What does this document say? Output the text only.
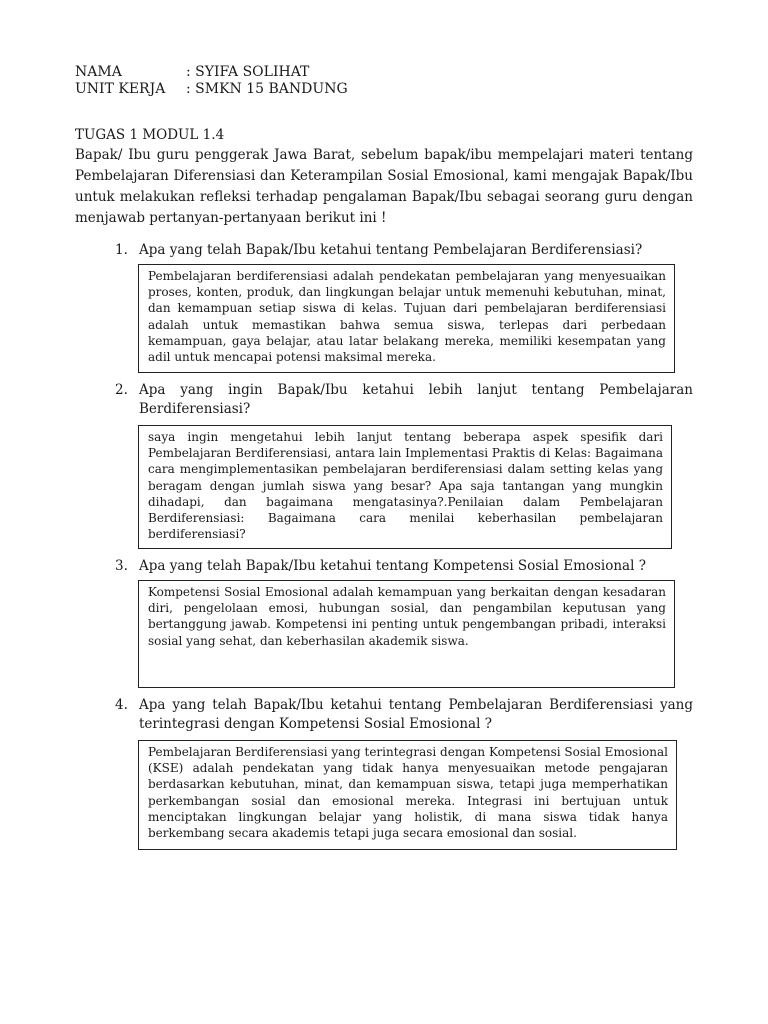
NAMA	: SYIFA SOLIHAT
UNIT KERJA : SMKN 15 BANDUNG
TUGAS 1 MODUL 1.4
Bapak/ Ibu guru penggerak Jawa Barat, sebelum bapak/ibu mempelajari materi tentang Pembelajaran Diferensiasi dan Keterampilan Sosial Emosional, kami mengajak Bapak/Ibu untuk melakukan refleksi terhadap pengalaman Bapak/Ibu sebagai seorang guru dengan menjawab pertanyan-pertanyaan berikut ini !
1. Apa yang telah Bapak/Ibu ketahui tentang Pembelajaran Berdiferensiasi?
Pembelajaran berdiferensiasi adalah pendekatan pembelajaran yang menyesuaikan proses, konten, produk, dan lingkungan belajar untuk memenuhi kebutuhan, minat, dan kemampuan setiap siswa di kelas. Tujuan dari pembelajaran berdiferensiasi adalah untuk memastikan bahwa semua siswa, terlepas dari perbedaan kemampuan, gaya belajar, atau latar belakang mereka, memiliki kesempatan yang adil untuk mencapai potensi maksimal mereka.
2. Apa yang ingin Bapak/Ibu ketahui lebih lanjut tentang Pembelajaran Berdiferensiasi?
saya ingin mengetahui lebih lanjut tentang beberapa aspek spesifik dari Pembelajaran Berdiferensiasi, antara lain Implementasi Praktis di Kelas: Bagaimana cara mengimplementasikan pembelajaran berdiferensiasi dalam setting kelas yang beragam dengan jumlah siswa yang besar? Apa saja tantangan yang mungkin dihadapi, dan bagaimana mengatasinya?.Penilaian dalam Pembelajaran Berdiferensiasi: Bagaimana cara menilai keberhasilan pembelajaran berdiferensiasi?
3. Apa yang telah Bapak/Ibu ketahui tentang Kompetensi Sosial Emosional ?
Kompetensi Sosial Emosional adalah kemampuan yang berkaitan dengan kesadaran diri, pengelolaan emosi, hubungan sosial, dan pengambilan keputusan yang bertanggung jawab. Kompetensi ini penting untuk pengembangan pribadi, interaksi sosial yang sehat, dan keberhasilan akademik siswa.
4. Apa yang telah Bapak/Ibu ketahui tentang Pembelajaran Berdiferensiasi yang terintegrasi dengan Kompetensi Sosial Emosional ?
Pembelajaran Berdiferensiasi yang terintegrasi dengan Kompetensi Sosial Emosional (KSE) adalah pendekatan yang tidak hanya menyesuaikan metode pengajaran berdasarkan kebutuhan, minat, dan kemampuan siswa, tetapi juga memperhatikan perkembangan sosial dan emosional mereka. Integrasi ini bertujuan untuk menciptakan lingkungan belajar yang holistik, di mana siswa tidak hanya berkembang secara akademis tetapi juga secara emosional dan sosial.
